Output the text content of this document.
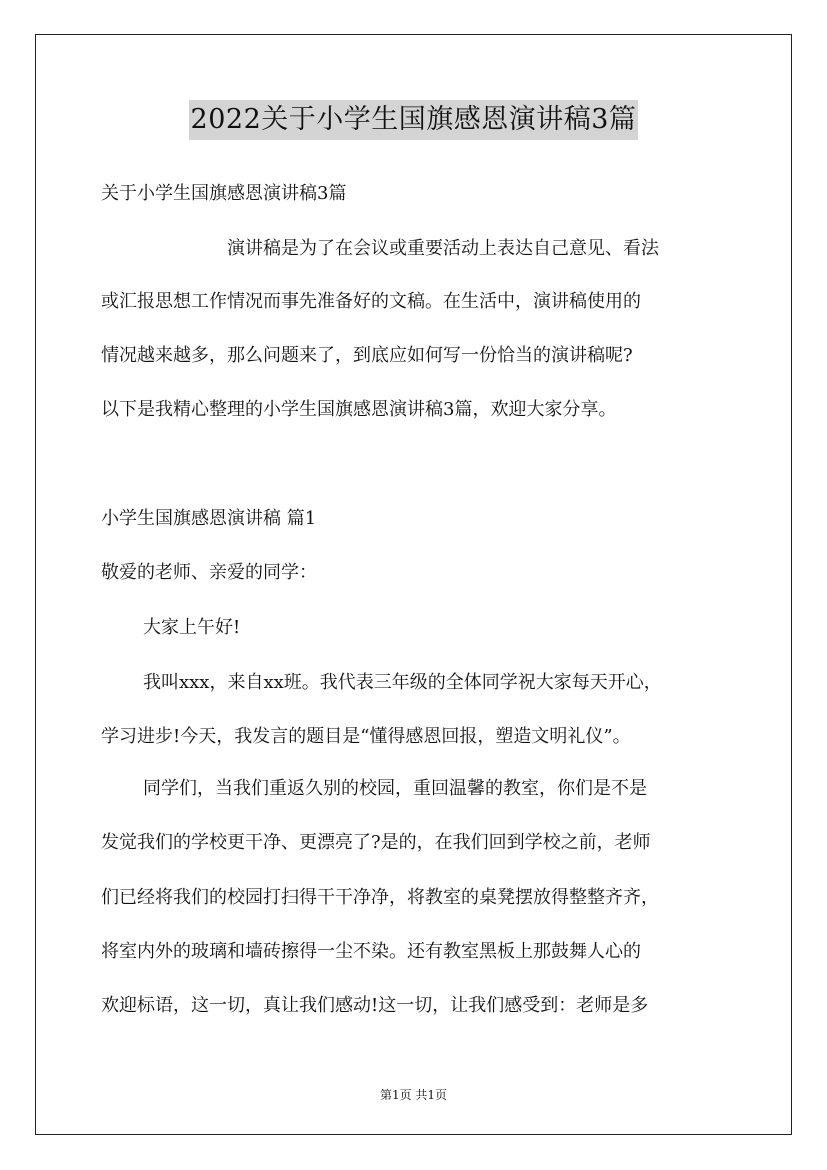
2022关于小学生国旗感恩演讲稿3篇
关于小学生国旗感恩演讲稿3篇
演讲稿是为了在会议或重要活动上表达自己意见、看法
或汇报思想工作情况而事先准备好的文稿。在生活中，演讲稿使用的
情况越来越多，那么问题来了，到底应如何写一份恰当的演讲稿呢?
以下是我精心整理的小学生国旗感恩演讲稿3篇，欢迎大家分享。
小学生国旗感恩演讲稿 篇1
敬爱的老师、亲爱的同学：
大家上午好!
我叫xxx，来自xx班。我代表三年级的全体同学祝大家每天开心，
学习进步!今天，我发言的题目是“懂得感恩回报，塑造文明礼仪”。
同学们，当我们重返久别的校园，重回温馨的教室，你们是不是
发觉我们的学校更干净、更漂亮了?是的，在我们回到学校之前，老师
们已经将我们的校园打扫得干干净净，将教室的桌凳摆放得整整齐齐，
将室内外的玻璃和墙砖擦得一尘不染。还有教室黑板上那鼓舞人心的
欢迎标语，这一切，真让我们感动!这一切，让我们感受到：老师是多
第1页 共1页
